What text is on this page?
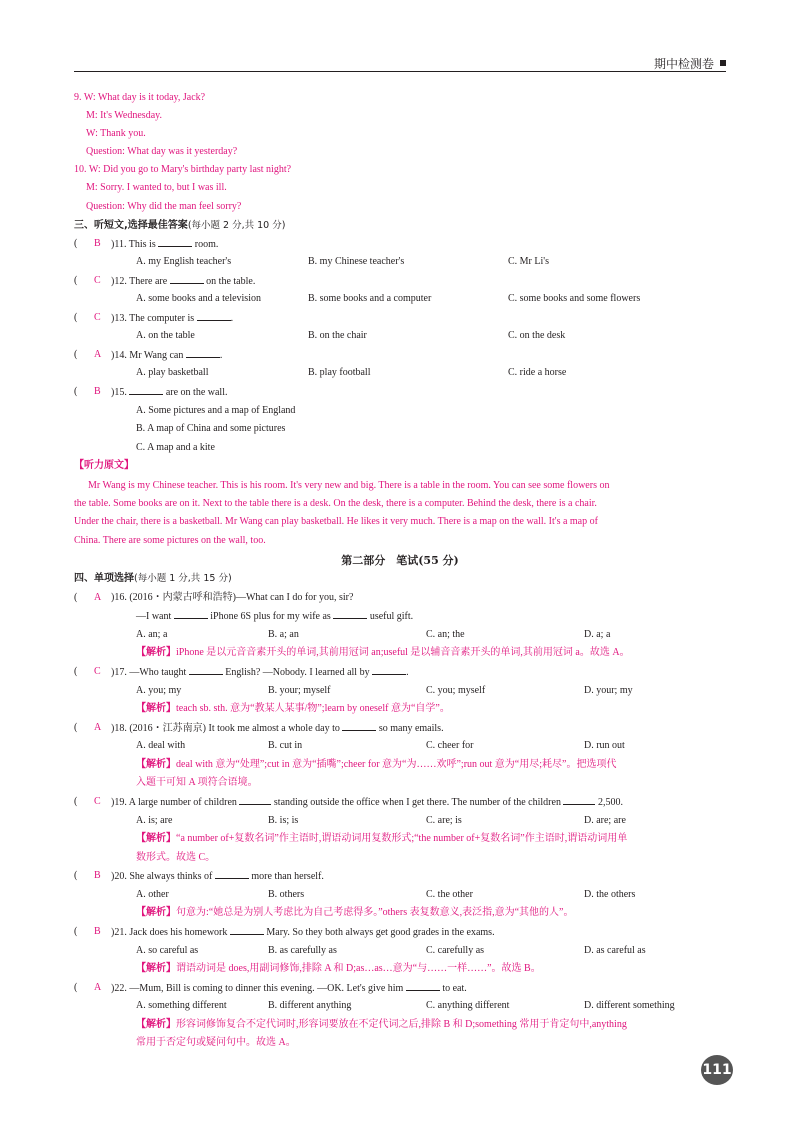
期中检测卷
9. W: What day is it today, Jack?
M: It's Wednesday.
W: Thank you.
Question: What day was it yesterday?
10. W: Did you go to Mary's birthday party last night?
M: Sorry. I wanted to, but I was ill.
Question: Why did the man feel sorry?
三、听短文,选择最佳答案(每小题 2 分,共 10 分)
( B )11. This is	room.
A. my English teacher's	B. my Chinese teacher's	C. Mr Li's
( C )12. There are	on the table.
A. some books and a television	B. some books and a computer	C. some books and some flowers
( C )13. The computer is	.
A. on the table	B. on the chair	C. on the desk
( A )14. Mr Wang can	.
A. play basketball	B. play football	C. ride a horse
( B )15.	are on the wall.
A. Some pictures and a map of England
B. A map of China and some pictures
C. A map and a kite
【听力原文】
Mr Wang is my Chinese teacher. This is his room. It's very new and big. There is a table in the room. You can see some flowers on
the table. Some books are on it. Next to the table there is a desk. On the desk, there is a computer. Behind the desk, there is a chair.
Under the chair, there is a basketball. Mr Wang can play basketball. He likes it very much. There is a map on the wall. It's a map of
China. There are some pictures on the wall, too.
第二部分　笔试(55 分)
四、单项选择(每小题 1 分,共 15 分)
( A )16. (2016・内蒙古呼和浩特)—What can I do for you, sir?
—I want	iPhone 6S plus for my wife as	useful gift.
A. an; a	B. a; an	C. an; the	D. a; a
【解析】iPhone 是以元音音素开头的单词,其前用冠词 an;useful 是以辅音音素开头的单词,其前用冠词 a。故选 A。
( C )17. —Who taught	English? —Nobody. I learned all by	.
A. you; my	B. your; myself	C. you; myself	D. your; my
【解析】teach sb. sth. 意为“教某人某事/物”;learn by oneself 意为“自学”。
( A )18. (2016・江苏南京) It took me almost a whole day to	so many emails.
A. deal with	B. cut in	C. cheer for	D. run out
【解析】deal with 意为“处理”;cut in 意为“插嘴”;cheer for 意为“为……欢呼”;run out 意为“用尽;耗尽”。把选项代
入题干可知 A 项符合语境。
( C )19. A large number of children	standing outside the office when I get there. The number of the children	2,500.
A. is; are	B. is; is	C. are; is	D. are; are
【解析】“a number of+复数名词”作主语时,谓语动词用复数形式;“the number of+复数名词”作主语时,谓语动词用单
数形式。故选 C。
( B )20. She always thinks of	more than herself.
A. other	B. others	C. the other	D. the others
【解析】句意为:“她总是为别人考虑比为自己考虑得多。”others 表复数意义,表泛指,意为“其他的人”。
( B )21. Jack does his homework	Mary. So they both always get good grades in the exams.
A. so careful as	B. as carefully as	C. carefully as	D. as careful as
【解析】谓语动词是 does,用副词修饰,排除 A 和 D;as…as…意为“与……一样……”。故选 B。
( A )22. —Mum, Bill is coming to dinner this evening. —OK. Let's give him	to eat.
A. something different	B. different anything	C. anything different	D. different something
【解析】形容词修饰复合不定代词时,形容词要放在不定代词之后,排除 B 和 D;something 常用于肯定句中,anything
常用于否定句或疑问句中。故选 A。
111
